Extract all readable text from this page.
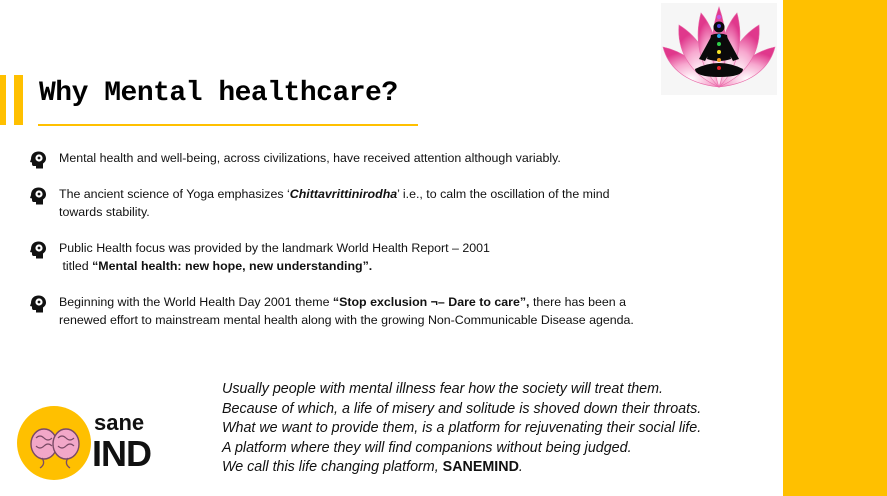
Why Mental healthcare?
Mental health and well-being, across civilizations, have received attention although variably.
The ancient science of Yoga emphasizes ‘Chittavrittinirodha’ i.e., to calm the oscillation of the mind
towards stability.
Public Health focus was provided by the landmark World Health Report – 2001
titled “Mental health: new hope, new understanding”.
Beginning with the World Health Day 2001 theme “Stop exclusion ¬– Dare to care”, there has been a
renewed effort to mainstream mental health along with the growing Non-Communicable Disease agenda.
sane
IND
Usually people with mental illness fear how the society will treat them.
Because of which, a life of misery and solitude is shoved down their throats.
What we want to provide them, is a platform for rejuvenating their social life.
A platform where they will find companions without being judged.
We call this life changing platform, SANEMIND.
